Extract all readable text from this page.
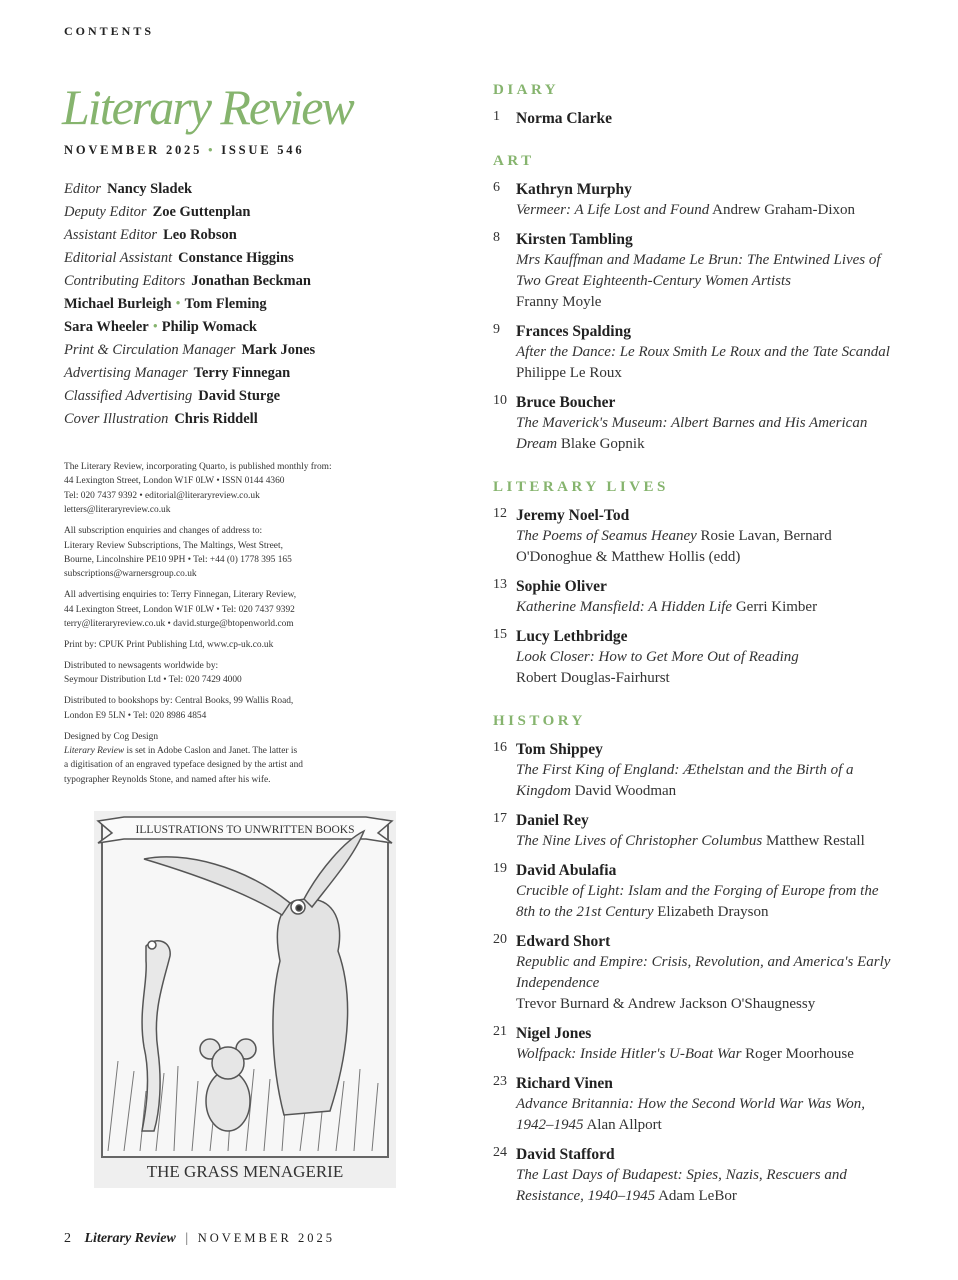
CONTENTS
Literary Review
NOVEMBER 2025 • ISSUE 546
Editor Nancy Sladek
Deputy Editor Zoe Guttenplan
Assistant Editor Leo Robson
Editorial Assistant Constance Higgins
Contributing Editors Jonathan Beckman
Michael Burleigh • Tom Fleming
Sara Wheeler • Philip Womack
Print & Circulation Manager Mark Jones
Advertising Manager Terry Finnegan
Classified Advertising David Sturge
Cover Illustration Chris Riddell

The Literary Review, incorporating Quarto, is published monthly from:
44 Lexington Street, London W1F 0LW • ISSN 0144 4360
Tel: 020 7437 9392 • editorial@literaryreview.co.uk
letters@literaryreview.co.uk

All subscription enquiries and changes of address to:
Literary Review Subscriptions, The Maltings, West Street,
Bourne, Lincolnshire PE10 9PH • Tel: +44 (0) 1778 395 165
subscriptions@warnersgroup.co.uk

All advertising enquiries to: Terry Finnegan, Literary Review,
44 Lexington Street, London W1F 0LW • Tel: 020 7437 9392
terry@literaryreview.co.uk • david.sturge@btopenworld.com

Print by: CPUK Print Publishing Ltd, www.cp-uk.co.uk

Distributed to newsagents worldwide by:
Seymour Distribution Ltd • Tel: 020 7429 4000

Distributed to bookshops by: Central Books, 99 Wallis Road,
London E9 5LN • Tel: 020 8986 4854

Designed by Cog Design
Literary Review is set in Adobe Caslon and Janet. The latter is
a digitisation of an engraved typeface designed by the artist and
typographer Reynolds Stone, and named after his wife.

ILLUSTRATIONS TO UNWRITTEN BOOKS
THE GRASS MENAGERIE
DIARY
1 Norma Clarke
ART
6 Kathryn Murphy
Vermeer: A Life Lost and Found Andrew Graham-Dixon
8 Kirsten Tambling
Mrs Kauffman and Madame Le Brun: The Entwined Lives of Two Great Eighteenth-Century Women Artists
Franny Moyle
9 Frances Spalding
After the Dance: Le Roux Smith Le Roux and the Tate Scandal Philippe Le Roux
10 Bruce Boucher
The Maverick's Museum: Albert Barnes and His American Dream Blake Gopnik
LITERARY LIVES
12 Jeremy Noel-Tod
The Poems of Seamus Heaney Rosie Lavan, Bernard O'Donoghue & Matthew Hollis (edd)
13 Sophie Oliver
Katherine Mansfield: A Hidden Life Gerri Kimber
15 Lucy Lethbridge
Look Closer: How to Get More Out of Reading
Robert Douglas-Fairhurst
HISTORY
16 Tom Shippey
The First King of England: Æthelstan and the Birth of a Kingdom David Woodman
17 Daniel Rey
The Nine Lives of Christopher Columbus Matthew Restall
19 David Abulafia
Crucible of Light: Islam and the Forging of Europe from the 8th to the 21st Century Elizabeth Drayson
20 Edward Short
Republic and Empire: Crisis, Revolution, and America's Early Independence
Trevor Burnard & Andrew Jackson O'Shaugnessy
21 Nigel Jones
Wolfpack: Inside Hitler's U-Boat War Roger Moorhouse
23 Richard Vinen
Advance Britannia: How the Second World War Was Won, 1942–1945 Alan Allport
24 David Stafford
The Last Days of Budapest: Spies, Nazis, Rescuers and Resistance, 1940–1945 Adam LeBor
2 Literary Review | NOVEMBER 2025
